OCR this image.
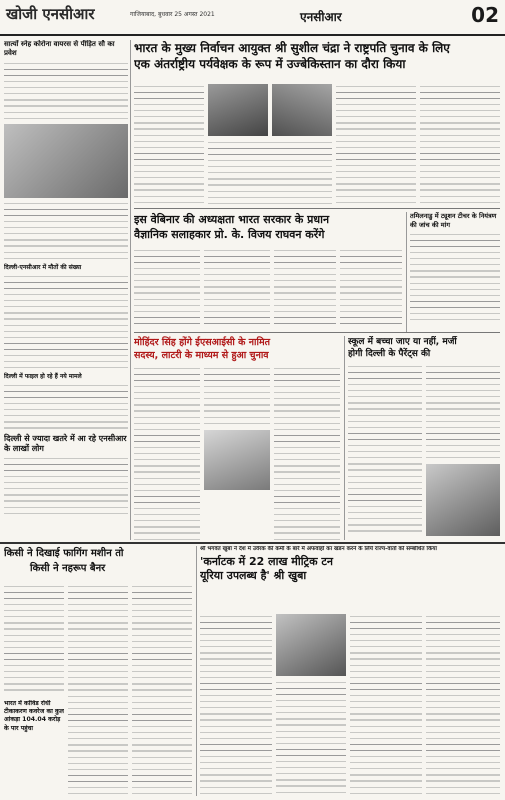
खोजी एनसीआर	गाजियाबाद, बुधवार 25 अगस्त 2021	एनसीआर	02
सात्यों स्नेह कोरोना वायरस से पीड़ित सौ का प्रवेश
दिल्ली-एनसीआर में मौतों की संख्या
दिल्ली में फाइल हो रहे हैं नये मामले
दिल्ली से ज्यादा खतरे में आ रहे एनसीआर के लाखों लोग
भारत के मुख्य निर्वाचन आयुक्त श्री सुशील चंद्रा ने राष्ट्रपति चुनाव के लिए
एक अंतर्राष्ट्रीय पर्यवेक्षक के रूप में उज्बेकिस्तान का दौरा किया
इस वेबिनार की अध्यक्षता भारत सरकार के प्रधान
वैज्ञानिक सलाहकार प्रो. के. विजय राघवन करेंगे
तमिलनाडु में ट्यूशन टीचर के नियंत्रण की जांच की मांग
मोहिंदर सिंह होंगे ईएसआईसी के नामित
सदस्य, लाटरी के माध्यम से हुआ चुनाव
स्कूल में बच्चा जाए या नहीं, मर्जी
होगी दिल्ली के पैरेंट्स की
किसी ने दिखाई फागिंग मशीन तो
किसी ने नहरूप बैनर
भारत में कोविड रोधी टीकाकरण कवरेज का कुल आंकड़ा 104.04 करोड़ के पार पहुंचा
श्री भगवंत खुबा ने देश में उर्वरक की कमी के बारे में अफवाहों का खंडन करने के लिये राज्य-वार्ता को सम्बोधित किया
'कर्नाटक में 22 लाख मीट्रिक टन
यूरिया उपलब्ध है' श्री खुबा
